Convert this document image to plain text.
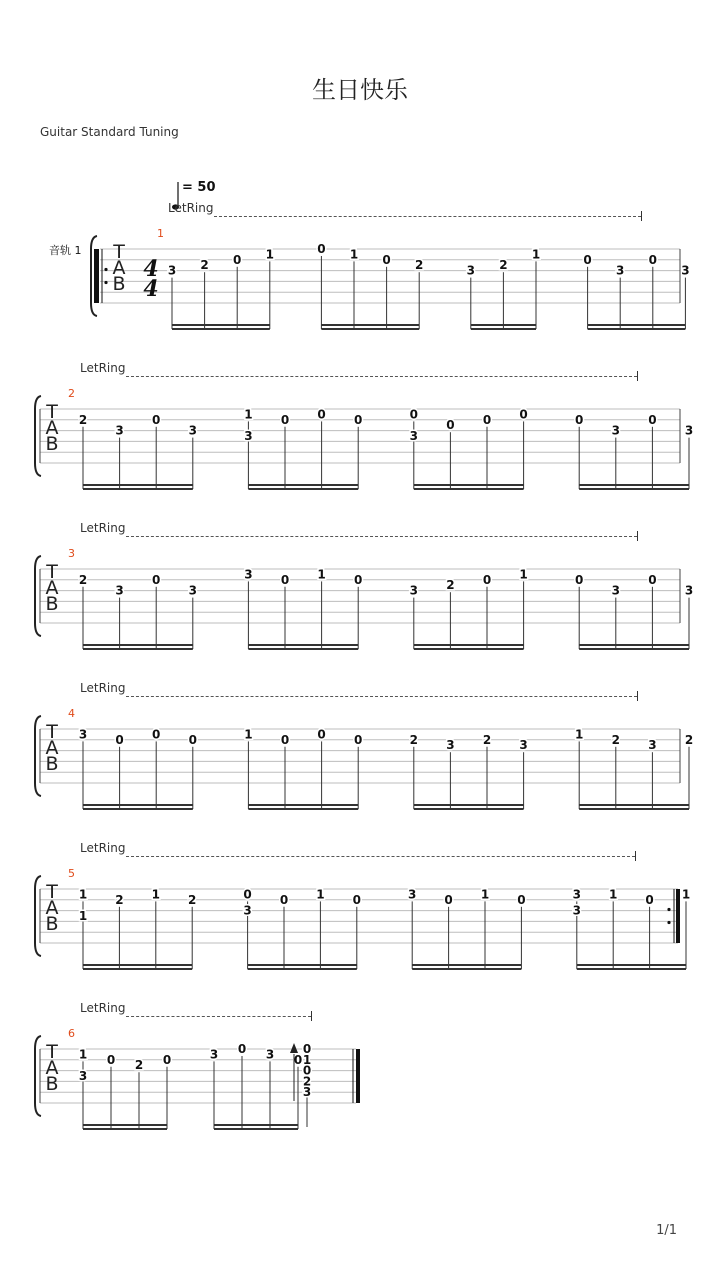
生日快乐
Guitar Standard Tuning
= 50
音轨 1
LetRing
1
T
A
B
4
4
3 2 0 1	0 1 0 2	3 2
1	0
3
0
3
LetRing
2
T
A
B
2
3
0
3
1
3
0 0 0	0
3
0 0 0	0
3
0
3
LetRing
3
T
A
B
2
3
0
3
3 0 1 0
3 2 0 1	0
3
0
3
LetRing
4
T
A
B
3 0 0 0	1 0 0 0	2 3 2 3
1 2 3 2
LetRing
5
T
A
B
1
1
2 1 2	0
3
0 1 0	3 0 1 0	3
3
1 0 1
LetRing
6
T
A
B
1
3
0 2 0	3 0 3 0
0
1
0
2
3
1/1
